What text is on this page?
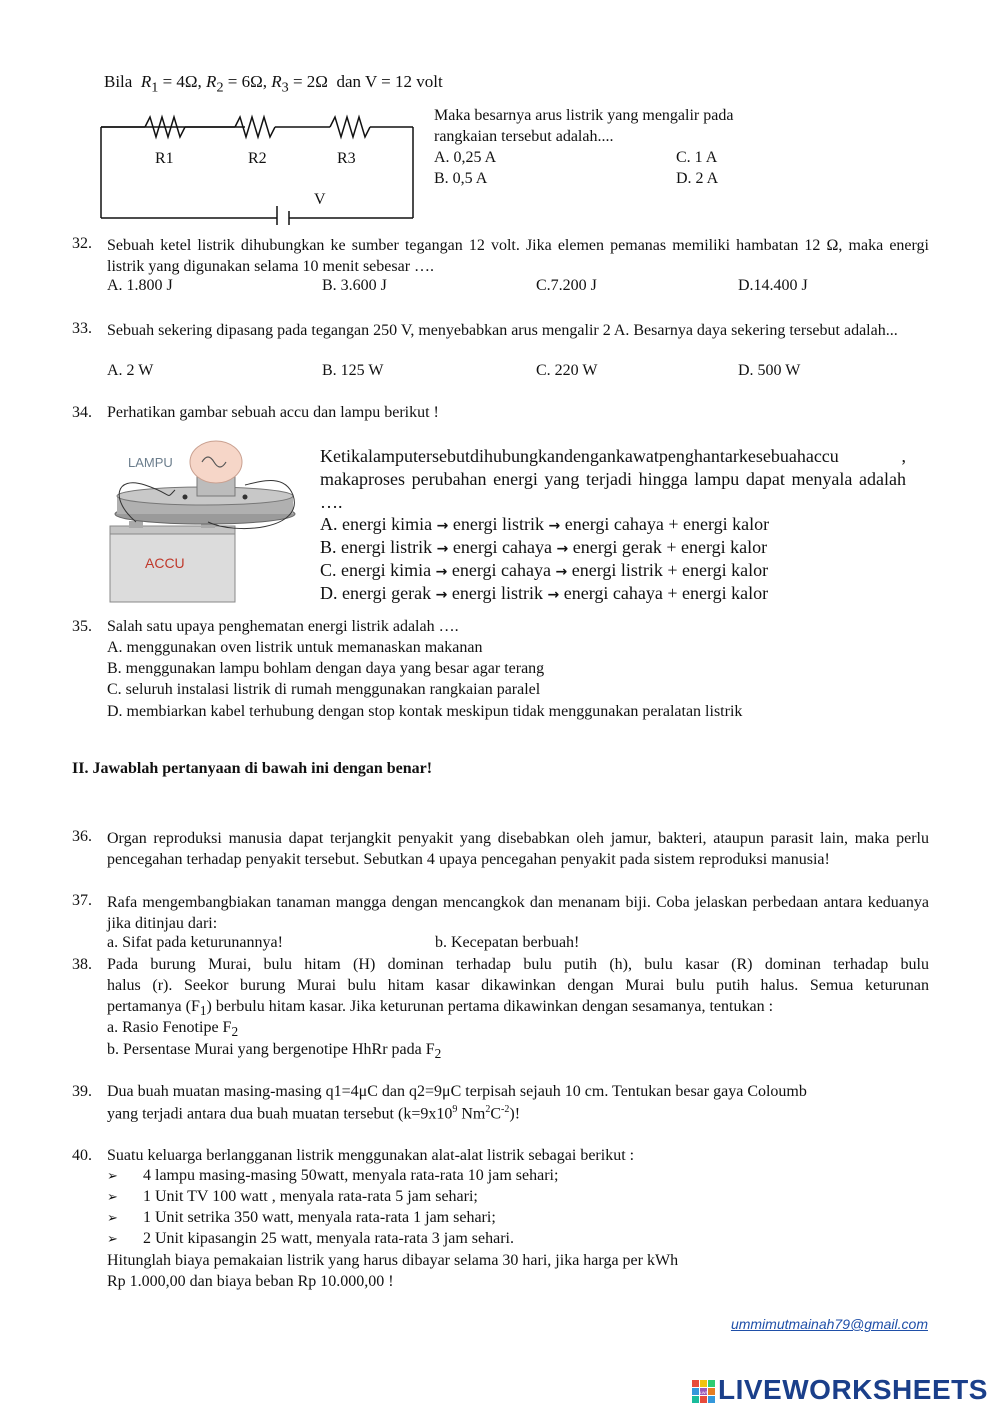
Bila $R_1 = 4\Omega$, $R_2 = 6\Omega$, $R_3 = 2\Omega$ dan V = 12 volt
R1	R2	R3
V
Maka besarnya arus listrik yang mengalir pada
rangkaian tersebut adalah....
A. 0,25 A	C. 1 A
B. 0,5 A	D. 2 A
32. Sebuah ketel listrik dihubungkan ke sumber tegangan 12 volt. Jika elemen pemanas memiliki hambatan 12 Ω, maka energi listrik yang digunakan selama 10 menit sebesar ….
A. 1.800 J	B. 3.600 J	C.7.200 J	D.14.400 J
33. Sebuah sekering dipasang pada tegangan 250 V, menyebabkan arus mengalir 2 A. Besarnya daya sekering tersebut adalah...
A. 2 W	B. 125 W	C. 220 W	D. 500 W
34. Perhatikan gambar sebuah accu dan lampu berikut !
LAMPU
ACCU
Ketikalamputersebutdihubungkandengankawatpenghantarkesebuahaccu , makaproses perubahan energi yang terjadi hingga lampu dapat menyala adalah ….
A. energi kimia → energi listrik → energi cahaya + energi kalor
B. energi listrik → energi cahaya → energi gerak + energi kalor
C. energi kimia → energi cahaya → energi listrik + energi kalor
D. energi gerak → energi listrik → energi cahaya + energi kalor
35. Salah satu upaya penghematan energi listrik adalah ….
A. menggunakan oven listrik untuk memanaskan makanan
B. menggunakan lampu bohlam dengan daya yang besar agar terang
C. seluruh instalasi listrik di rumah menggunakan rangkaian paralel
D. membiarkan kabel terhubung dengan stop kontak meskipun tidak menggunakan peralatan listrik
II. Jawablah pertanyaan di bawah ini dengan benar!
36. Organ reproduksi manusia dapat terjangkit penyakit yang disebabkan oleh jamur, bakteri, ataupun parasit lain, maka perlu pencegahan terhadap penyakit tersebut. Sebutkan 4 upaya pencegahan penyakit pada sistem reproduksi manusia!
37. Rafa mengembangbiakan tanaman mangga dengan mencangkok dan menanam biji. Coba jelaskan perbedaan antara keduanya jika ditinjau dari:
a. Sifat pada keturunannya!	b. Kecepatan berbuah!
38. Pada burung Murai, bulu hitam (H) dominan terhadap bulu putih (h), bulu kasar (R) dominan terhadap bulu
halus (r). Seekor burung Murai bulu hitam kasar dikawinkan dengan Murai bulu putih halus. Semua keturunan
pertamanya $(F_1)$ berbulu hitam kasar. Jika keturunan pertama dikawinkan dengan sesamanya, tentukan :
a. Rasio Fenotipe $F_2$
b. Persentase Murai yang bergenotipe HhRr pada $F_2$
39. Dua buah muatan masing-masing q1=4μC dan q2=9μC terpisah sejauh 10 cm. Tentukan besar gaya Coloumb
yang terjadi antara dua buah muatan tersebut ($k=9x10^9$ $Nm^2C^{-2}$)!
40. Suatu keluarga berlangganan listrik menggunakan alat-alat listrik sebagai berikut :
➢ 4 lampu masing-masing 50watt, menyala rata-rata 10 jam sehari;
➢ 1 Unit TV 100 watt , menyala rata-rata 5 jam sehari;
➢ 1 Unit setrika 350 watt, menyala rata-rata 1 jam sehari;
➢ 2 Unit kipasangin 25 watt, menyala rata-rata 3 jam sehari.
Hitunglah biaya pemakaian listrik yang harus dibayar selama 30 hari, jika harga per kWh
Rp 1.000,00 dan biaya beban Rp 10.000,00 !
ummimutmainah79@gmail.com
LWS LIVEWORKSHEETS
